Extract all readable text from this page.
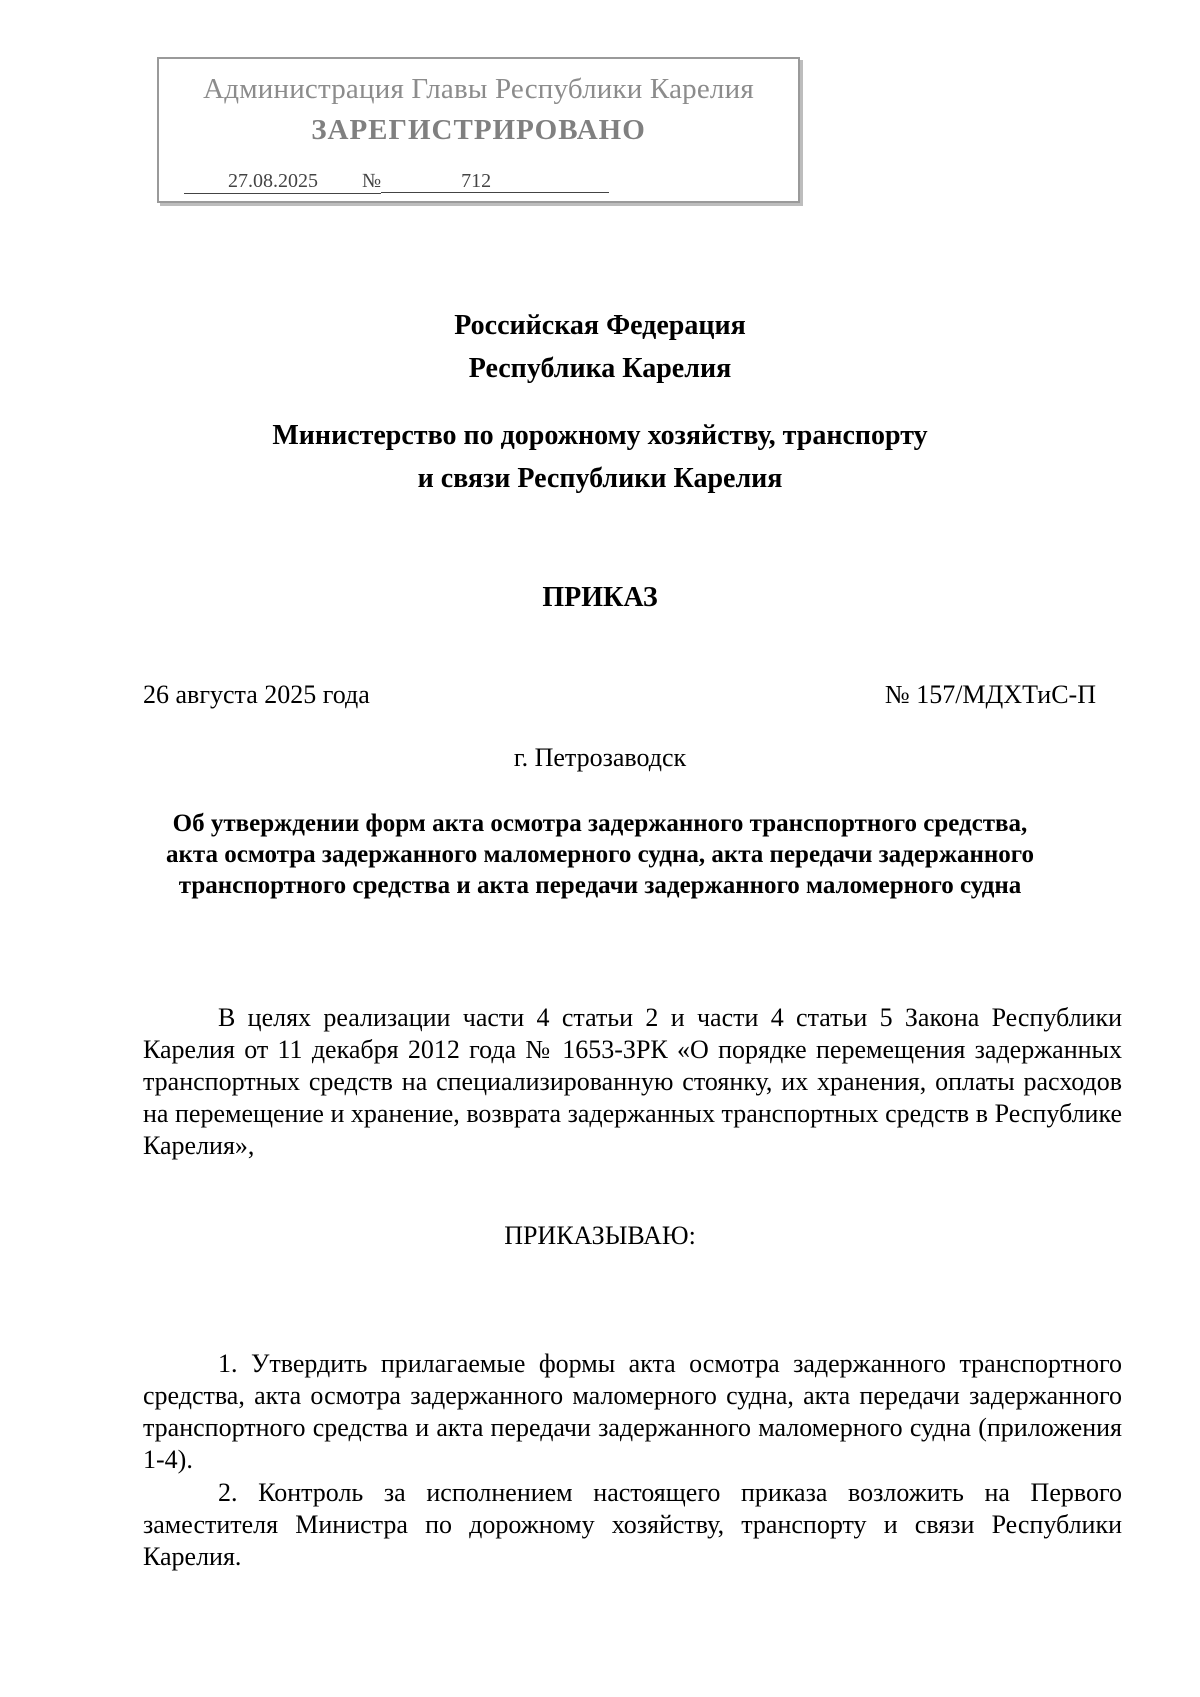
Администрация Главы Республики Карелия
ЗАРЕГИСТРИРОВАНО
27.08.2025 №	712
Российская Федерация
Республика Карелия
Министерство по дорожному хозяйству, транспорту
и связи Республики Карелия
ПРИКАЗ
26 августа 2025 года	№ 157/МДХТиС-П
г. Петрозаводск
Об утверждении форм акта осмотра задержанного транспортного средства, акта осмотра задержанного маломерного судна, акта передачи задержанного транспортного средства и акта передачи задержанного маломерного судна
В целях реализации части 4 статьи 2 и части 4 статьи 5 Закона Республики Карелия от 11 декабря 2012 года № 1653-ЗРК «О порядке перемещения задержанных транспортных средств на специализированную стоянку, их хранения, оплаты расходов на перемещение и хранение, возврата задержанных транспортных средств в Республике Карелия»,
ПРИКАЗЫВАЮ:
1. Утвердить прилагаемые формы акта осмотра задержанного транспортного средства, акта осмотра задержанного маломерного судна, акта передачи задержанного транспортного средства и акта передачи задержанного маломерного судна (приложения 1-4).
2. Контроль за исполнением настоящего приказа возложить на Первого заместителя Министра по дорожному хозяйству, транспорту и связи Республики Карелия.
